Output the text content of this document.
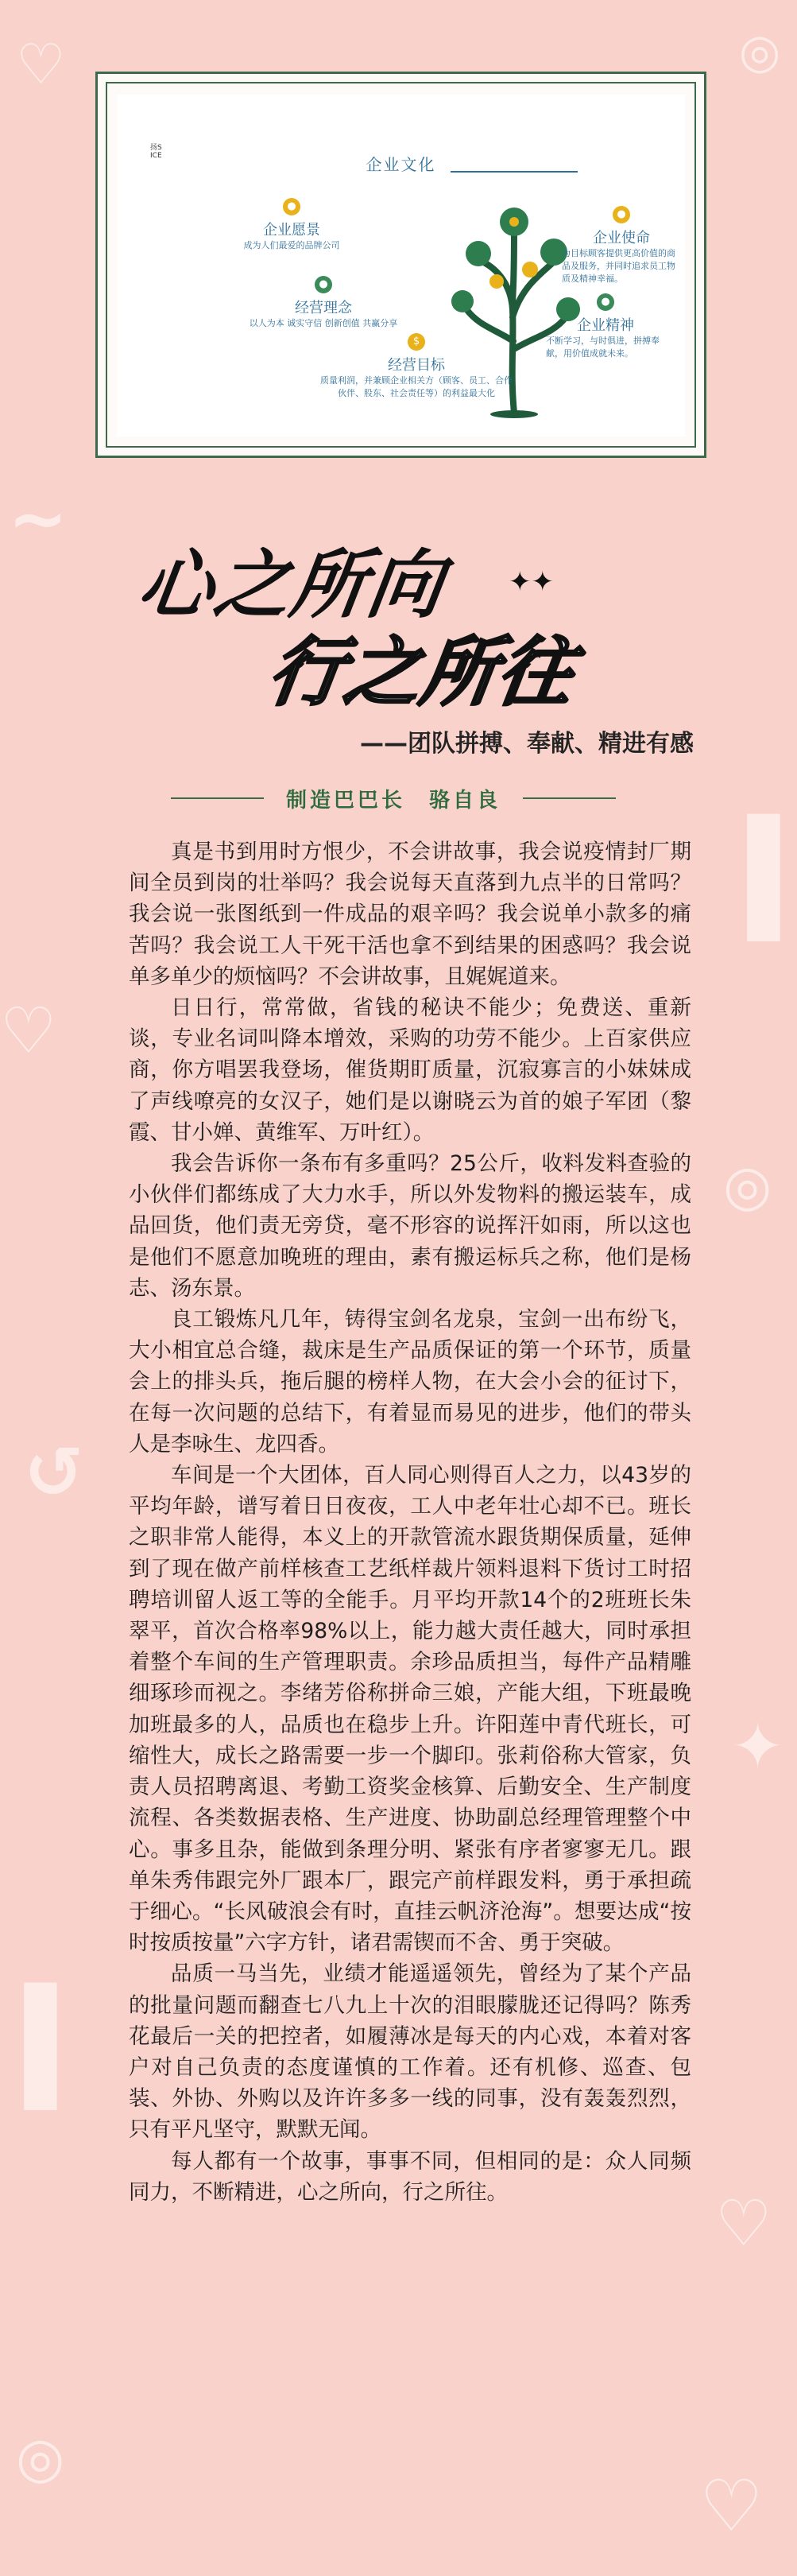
♡	◎
~
I
♡
◎
↺
✦
I
♡
◎
♡
扬SICE	企业文化
●
企业愿景
成为人们最爱的品牌公司
●
经营理念
以人为本 诚实守信 创新创值 共赢分享
$
经营目标
质量利润，并兼顾企业相关方（顾客、员工、合作伙伴、股东、社会责任等）的利益最大化
●
企业使命
为目标顾客提供更高价值的商品及服务，并同时追求员工物质及精神幸福。
●
企业精神
不断学习，与时俱进，拼搏奉献，用价值成就未来。
心之所向 ✦✦
行之所往
——团队拼搏、奉献、精进有感
制造巴巴长　骆自良

真是书到用时方恨少，不会讲故事，我会说疫情封厂期间全员到岗的壮举吗？我会说每天直落到九点半的日常吗？我会说一张图纸到一件成品的艰辛吗？我会说单小款多的痛苦吗？我会说工人干死干活也拿不到结果的困惑吗？我会说单多单少的烦恼吗？不会讲故事，且娓娓道来。

日日行，常常做，省钱的秘诀不能少；免费送、重新谈，专业名词叫降本增效，采购的功劳不能少。上百家供应商，你方唱罢我登场，催货期盯质量，沉寂寡言的小妹妹成了声线嘹亮的女汉子，她们是以谢晓云为首的娘子军团（黎霞、甘小婵、黄维军、万叶红）。

我会告诉你一条布有多重吗？25公斤，收料发料查验的小伙伴们都练成了大力水手，所以外发物料的搬运装车，成品回货，他们责无旁贷，毫不形容的说挥汗如雨，所以这也是他们不愿意加晚班的理由，素有搬运标兵之称，他们是杨志、汤东景。

良工锻炼凡几年，铸得宝剑名龙泉，宝剑一出布纷飞，大小相宜总合缝，裁床是生产品质保证的第一个环节，质量会上的排头兵，拖后腿的榜样人物，在大会小会的征讨下，在每一次问题的总结下，有着显而易见的进步，他们的带头人是李咏生、龙四香。

车间是一个大团体，百人同心则得百人之力，以43岁的平均年龄，谱写着日日夜夜，工人中老年壮心却不已。班长之职非常人能得，本义上的开款管流水跟货期保质量，延伸到了现在做产前样核查工艺纸样裁片领料退料下货讨工时招聘培训留人返工等的全能手。月平均开款14个的2班班长朱翠平，首次合格率98%以上，能力越大责任越大，同时承担着整个车间的生产管理职责。余珍品质担当，每件产品精雕细琢珍而视之。李绪芳俗称拼命三娘，产能大组，下班最晚加班最多的人，品质也在稳步上升。许阳莲中青代班长，可缩性大，成长之路需要一步一个脚印。张莉俗称大管家，负责人员招聘离退、考勤工资奖金核算、后勤安全、生产制度流程、各类数据表格、生产进度、协助副总经理管理整个中心。事多且杂，能做到条理分明、紧张有序者寥寥无几。跟单朱秀伟跟完外厂跟本厂，跟完产前样跟发料，勇于承担疏于细心。“长风破浪会有时，直挂云帆济沧海”。想要达成“按时按质按量”六字方针，诸君需锲而不舍、勇于突破。

品质一马当先，业绩才能遥遥领先，曾经为了某个产品的批量问题而翻查七八九上十次的泪眼朦胧还记得吗？陈秀花最后一关的把控者，如履薄冰是每天的内心戏，本着对客户对自己负责的态度谨慎的工作着。还有机修、巡查、包装、外协、外购以及许许多多一线的同事，没有轰轰烈烈，只有平凡坚守，默默无闻。

每人都有一个故事，事事不同，但相同的是：众人同频同力，不断精进，心之所向，行之所往。
